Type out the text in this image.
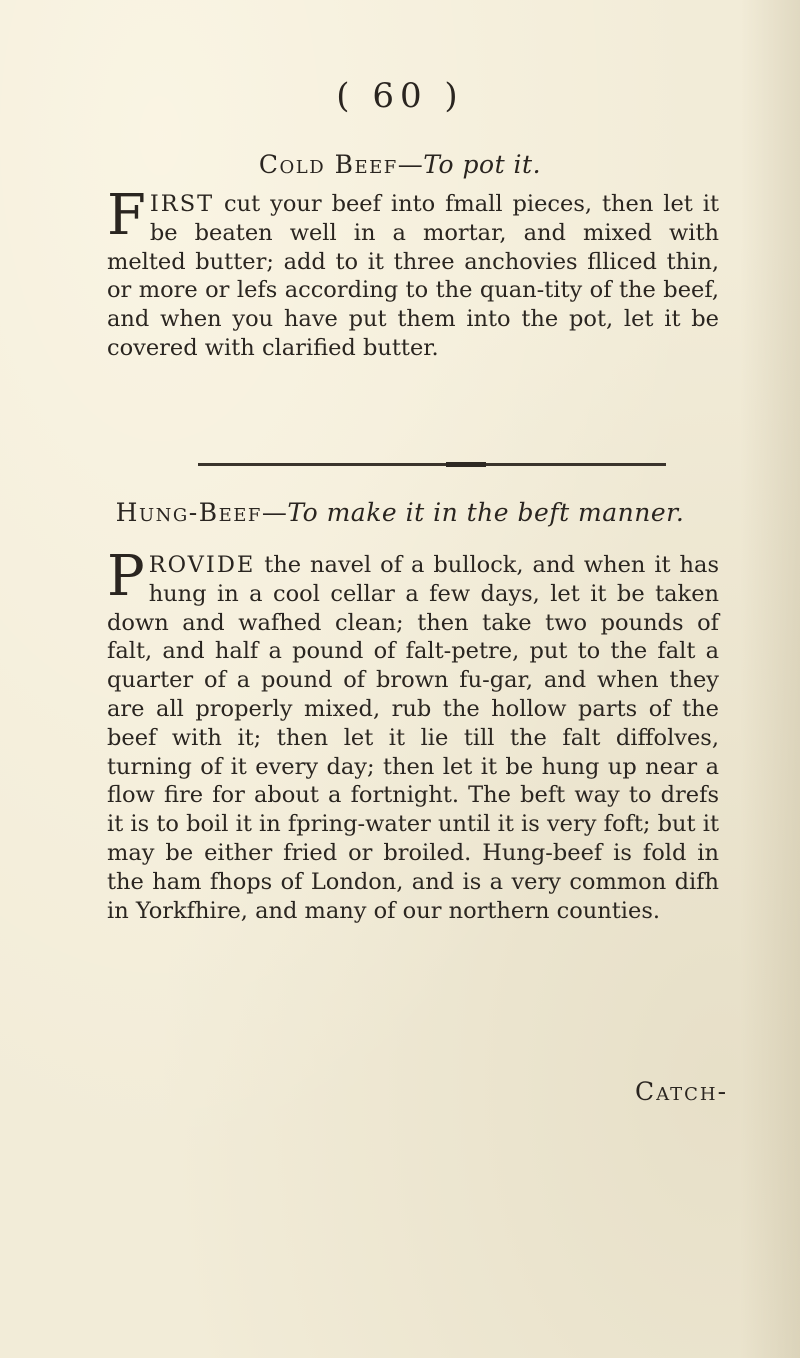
( 60 )
Cold Beef—To pot it.

FIRST cut your beef into fmall pieces, then let it be beaten well in a mortar, and mixed with melted butter; add to it three anchovies flliced thin, or more or lefs according to the quan-tity of the beef, and when you have put them into the pot, let it be covered with clarified butter.

Hung-Beef—To make it in the beft manner.

PROVIDE the navel of a bullock, and when it has hung in a cool cellar a few days, let it be taken down and wafhed clean; then take two pounds of falt, and half a pound of falt-petre, put to the falt a quarter of a pound of brown fu-gar, and when they are all properly mixed, rub the hollow parts of the beef with it; then let it lie till the falt diffolves, turning of it every day; then let it be hung up near a flow fire for about a fortnight. The beft way to drefs it is to boil it in fpring-water until it is very foft; but it may be either fried or broiled. Hung-beef is fold in the ham fhops of London, and is a very common difh in Yorkfhire, and many of our northern counties.

Catch-
